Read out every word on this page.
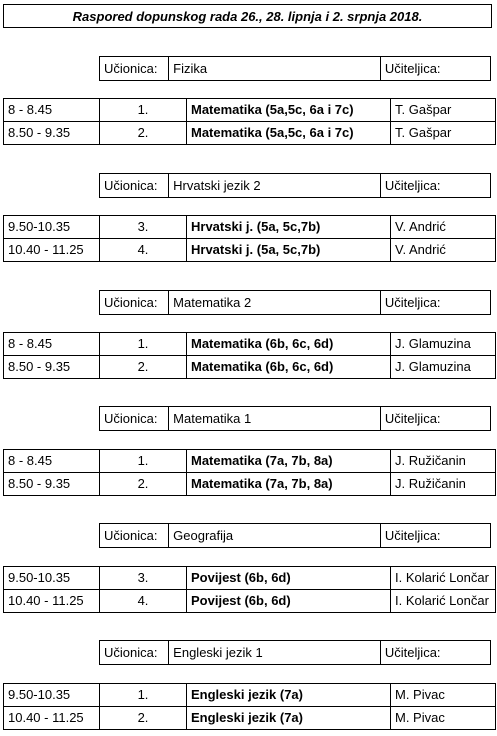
Raspored dopunskog rada 26., 28. lipnja i 2. srpnja 2018.
Učionica:	Fizika	Učiteljica:
8 - 8.45	1.	Matematika (5a,5c, 6a i 7c)	T. Gašpar
8.50 - 9.35	2.	Matematika (5a,5c, 6a i 7c)	T. Gašpar
Učionica:	Hrvatski jezik 2	Učiteljica:
9.50-10.35	3.	Hrvatski j. (5a, 5c,7b)	V. Andrić
10.40 - 11.25	4.	Hrvatski j. (5a, 5c,7b)	V. Andrić
Učionica:	Matematika 2	Učiteljica:
8 - 8.45	1.	Matematika (6b, 6c, 6d)	J. Glamuzina
8.50 - 9.35	2.	Matematika (6b, 6c, 6d)	J. Glamuzina
Učionica:	Matematika 1	Učiteljica:
8 - 8.45	1.	Matematika (7a, 7b, 8a)	J. Ružičanin
8.50 - 9.35	2.	Matematika (7a, 7b, 8a)	J. Ružičanin
Učionica:	Geografija	Učiteljica:
9.50-10.35	3.	Povijest (6b, 6d)	I. Kolarić Lončar
10.40 - 11.25	4.	Povijest (6b, 6d)	I. Kolarić Lončar
Učionica:	Engleski jezik 1	Učiteljica:
9.50-10.35	1.	Engleski jezik (7a)	M. Pivac
10.40 - 11.25	2.	Engleski jezik (7a)	M. Pivac
